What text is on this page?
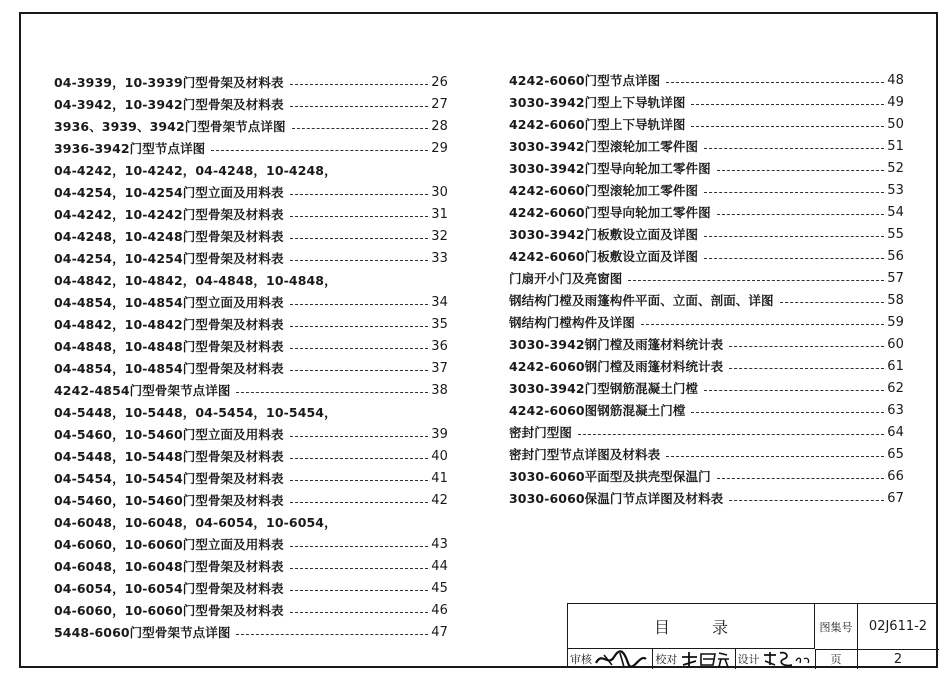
04-3939，10-3939门型骨架及材料表	26
04-3942，10-3942门型骨架及材料表	27
3936、3939、3942门型骨架节点详图	28
3936-3942门型节点详图	29
04-4242，10-4242，04-4248，10-4248，
04-4254，10-4254门型立面及用料表	30
04-4242，10-4242门型骨架及材料表	31
04-4248，10-4248门型骨架及材料表	32
04-4254，10-4254门型骨架及材料表	33
04-4842，10-4842，04-4848，10-4848，
04-4854，10-4854门型立面及用料表	34
04-4842，10-4842门型骨架及材料表	35
04-4848，10-4848门型骨架及材料表	36
04-4854，10-4854门型骨架及材料表	37
4242-4854门型骨架节点详图	38
04-5448，10-5448，04-5454，10-5454，
04-5460，10-5460门型立面及用料表	39
04-5448，10-5448门型骨架及材料表	40
04-5454，10-5454门型骨架及材料表	41
04-5460，10-5460门型骨架及材料表	42
04-6048，10-6048，04-6054，10-6054，
04-6060，10-6060门型立面及用料表	43
04-6048，10-6048门型骨架及材料表	44
04-6054，10-6054门型骨架及材料表	45
04-6060，10-6060门型骨架及材料表	46
5448-6060门型骨架节点详图	47
4242-6060门型节点详图	48
3030-3942门型上下导轨详图	49
4242-6060门型上下导轨详图	50
3030-3942门型滚轮加工零件图	51
3030-3942门型导向轮加工零件图	52
4242-6060门型滚轮加工零件图	53
4242-6060门型导向轮加工零件图	54
3030-3942门板敷设立面及详图	55
4242-6060门板敷设立面及详图	56
门扇开小门及亮窗图	57
钢结构门樘及雨篷构件平面、立面、剖面、详图	58
钢结构门樘构件及详图	59
3030-3942钢门樘及雨篷材料统计表	60
4242-6060钢门樘及雨篷材料统计表	61
3030-3942门型钢筋混凝土门樘	62
4242-6060图钢筋混凝土门樘	63
密封门型图	64
密封门型节点详图及材料表	65
3030-6060平面型及拱壳型保温门	66
3030-6060保温门节点详图及材料表	67
目录	图集号	02J611-2
审核	校对	设计	页	2
